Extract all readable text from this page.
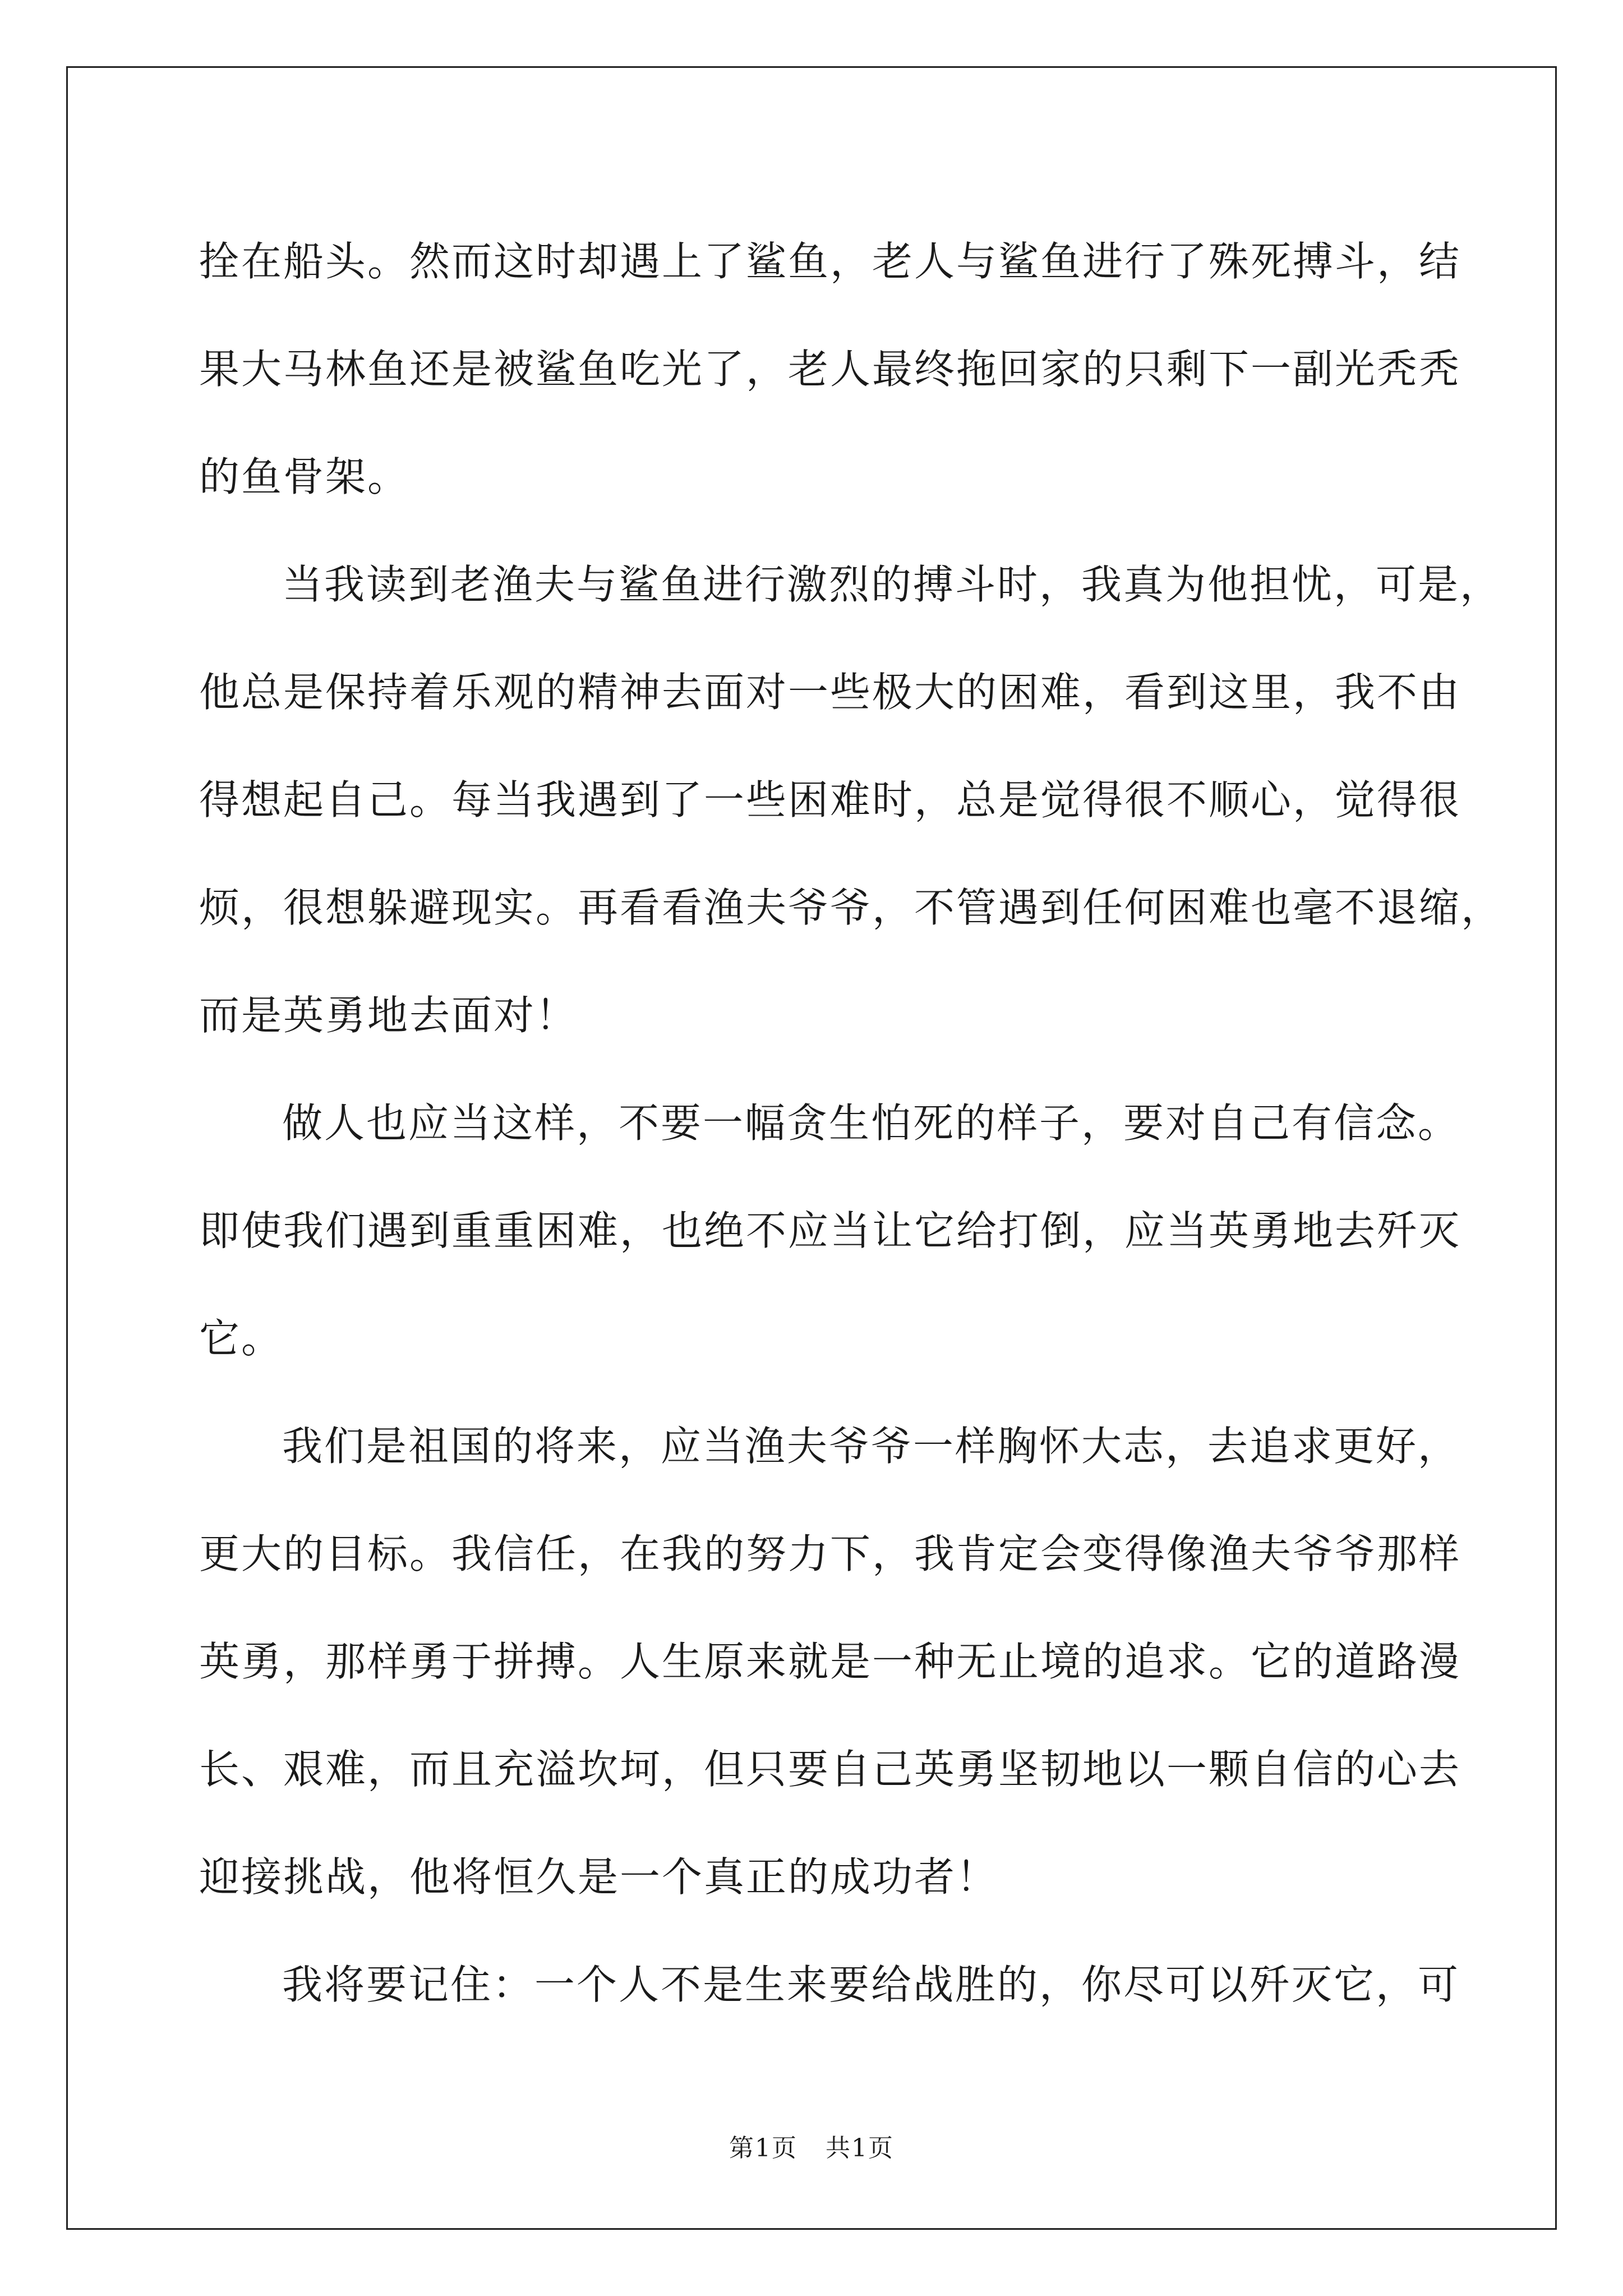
拴在船头。然而这时却遇上了鲨鱼，老人与鲨鱼进行了殊死搏斗，结
果大马林鱼还是被鲨鱼吃光了，老人最终拖回家的只剩下一副光秃秃
的鱼骨架。
当我读到老渔夫与鲨鱼进行激烈的搏斗时，我真为他担忧，可是，
他总是保持着乐观的精神去面对一些极大的困难，看到这里，我不由
得想起自己。每当我遇到了一些困难时，总是觉得很不顺心，觉得很
烦，很想躲避现实。再看看渔夫爷爷，不管遇到任何困难也毫不退缩，
而是英勇地去面对！
做人也应当这样，不要一幅贪生怕死的样子，要对自己有信念。
即使我们遇到重重困难，也绝不应当让它给打倒，应当英勇地去歼灭
它。
我们是祖国的将来，应当渔夫爷爷一样胸怀大志，去追求更好，
更大的目标。我信任，在我的努力下，我肯定会变得像渔夫爷爷那样
英勇，那样勇于拼搏。人生原来就是一种无止境的追求。它的道路漫
长、艰难，而且充溢坎坷，但只要自己英勇坚韧地以一颗自信的心去
迎接挑战，他将恒久是一个真正的成功者！
我将要记住：一个人不是生来要给战胜的，你尽可以歼灭它，可
第1页 共1页
